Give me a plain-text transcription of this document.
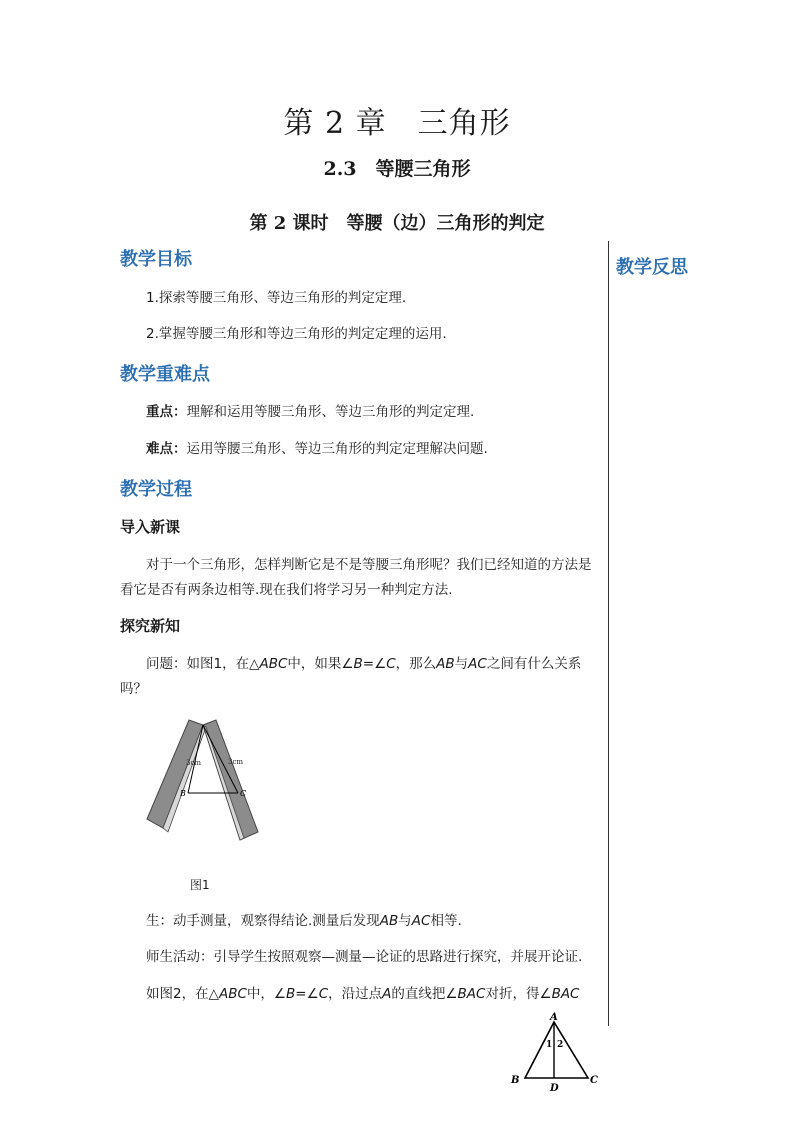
第 2 章　三角形
2.3　等腰三角形
第 2 课时　等腰（边）三角形的判定
教学反思
教学目标
1.探索等腰三角形、等边三角形的判定定理.
2.掌握等腰三角形和等边三角形的判定定理的运用.
教学重难点
重点：理解和运用等腰三角形、等边三角形的判定定理.
难点：运用等腰三角形、等边三角形的判定定理解决问题.
教学过程
导入新课
对于一个三角形，怎样判断它是不是等腰三角形呢？我们已经知道的方法是看它是否有两条边相等.现在我们将学习另一种判定方法.
探究新知
问题：如图1，在△ABC中，如果∠B=∠C，那么AB与AC之间有什么关系吗？
3cm	3cm
B	C
图1
生：动手测量，观察得结论.测量后发现AB与AC相等.
师生活动：引导学生按照观察—测量—论证的思路进行探究，并展开论证.
如图2，在△ABC中，∠B=∠C，沿过点A的直线把∠BAC对折，得∠BAC
A
B	C
D
1 2
